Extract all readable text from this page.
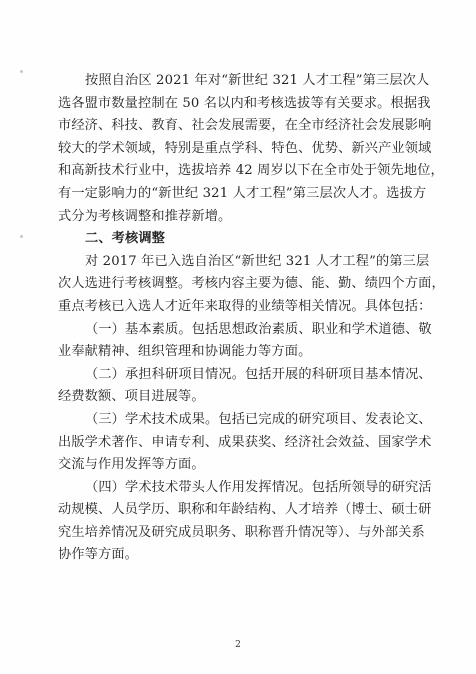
按照自治区 2021 年对“新世纪 321 人才工程”第三层次人
选各盟市数量控制在 50 名以内和考核选拔等有关要求。根据我
市经济、科技、教育、社会发展需要，在全市经济社会发展影响
较大的学术领域，特别是重点学科、特色、优势、新兴产业领域
和高新技术行业中，选拔培养 42 周岁以下在全市处于领先地位，
有一定影响力的“新世纪 321 人才工程”第三层次人才。选拔方
式分为考核调整和推荐新增。
二、考核调整
对 2017 年已入选自治区“新世纪 321 人才工程”的第三层
次人选进行考核调整。考核内容主要为德、能、勤、绩四个方面，
重点考核已入选人才近年来取得的业绩等相关情况。具体包括：
（一）基本素质。包括思想政治素质、职业和学术道德、敬
业奉献精神、组织管理和协调能力等方面。
（二）承担科研项目情况。包括开展的科研项目基本情况、
经费数额、项目进展等。
（三）学术技术成果。包括已完成的研究项目、发表论文、
出版学术著作、申请专利、成果获奖、经济社会效益、国家学术
交流与作用发挥等方面。
（四）学术技术带头人作用发挥情况。包括所领导的研究活
动规模、人员学历、职称和年龄结构、人才培养（博士、硕士研
究生培养情况及研究成员职务、职称晋升情况等）、与外部关系
协作等方面。
2
